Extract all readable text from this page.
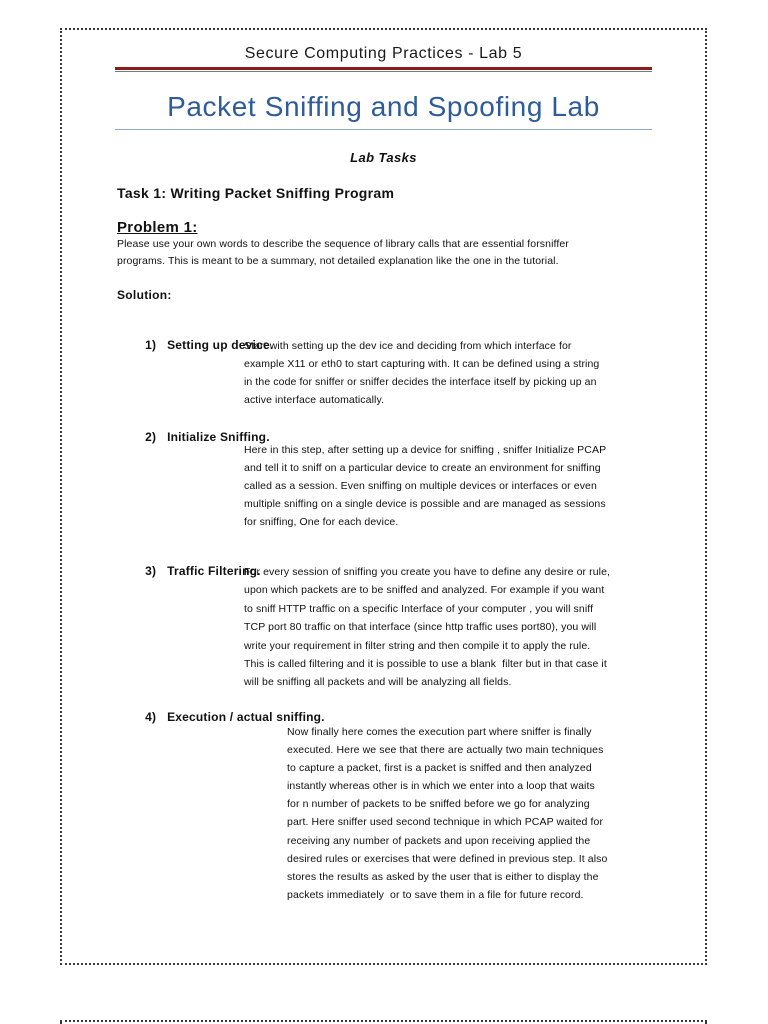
Secure Computing Practices - Lab 5
Packet Sniffing and Spoofing Lab
Lab Tasks
Task 1: Writing Packet Sniffing Program
Problem 1:
Please use your own words to describe the sequence of library calls that are essential forsniffer
programs. This is meant to be a summary, not detailed explanation like the one in the tutorial.
Solution:

1) Setting up device.

Start with setting up the dev ice and deciding from which interface for
example X11 or eth0 to start capturing with. It can be defined using a string
in the code for sniffer or sniffer decides the interface itself by picking up an
active interface automatically.

2) Initialize Sniffing.

Here in this step, after setting up a device for sniffing , sniffer Initialize PCAP
and tell it to sniff on a particular device to create an environment for sniffing
called as a session. Even sniffing on multiple devices or interfaces or even
multiple sniffing on a single device is possible and are managed as sessions
for sniffing, One for each device.

3) Traffic Filtering.

For every session of sniffing you create you have to define any desire or rule,
upon which packets are to be sniffed and analyzed. For example if you want
to sniff HTTP traffic on a specific Interface of your computer , you will sniff
TCP port 80 traffic on that interface (since http traffic uses port80), you will
write your requirement in filter string and then compile it to apply the rule.
This is called filtering and it is possible to use a blank  filter but in that case it
will be sniffing all packets and will be analyzing all fields.

4) Execution / actual sniffing.

Now finally here comes the execution part where sniffer is finally
executed. Here we see that there are actually two main techniques
to capture a packet, first is a packet is sniffed and then analyzed
instantly whereas other is in which we enter into a loop that waits
for n number of packets to be sniffed before we go for analyzing
part. Here sniffer used second technique in which PCAP waited for
receiving any number of packets and upon receiving applied the
desired rules or exercises that were defined in previous step. It also
stores the results as asked by the user that is either to display the
packets immediately  or to save them in a file for future record.
